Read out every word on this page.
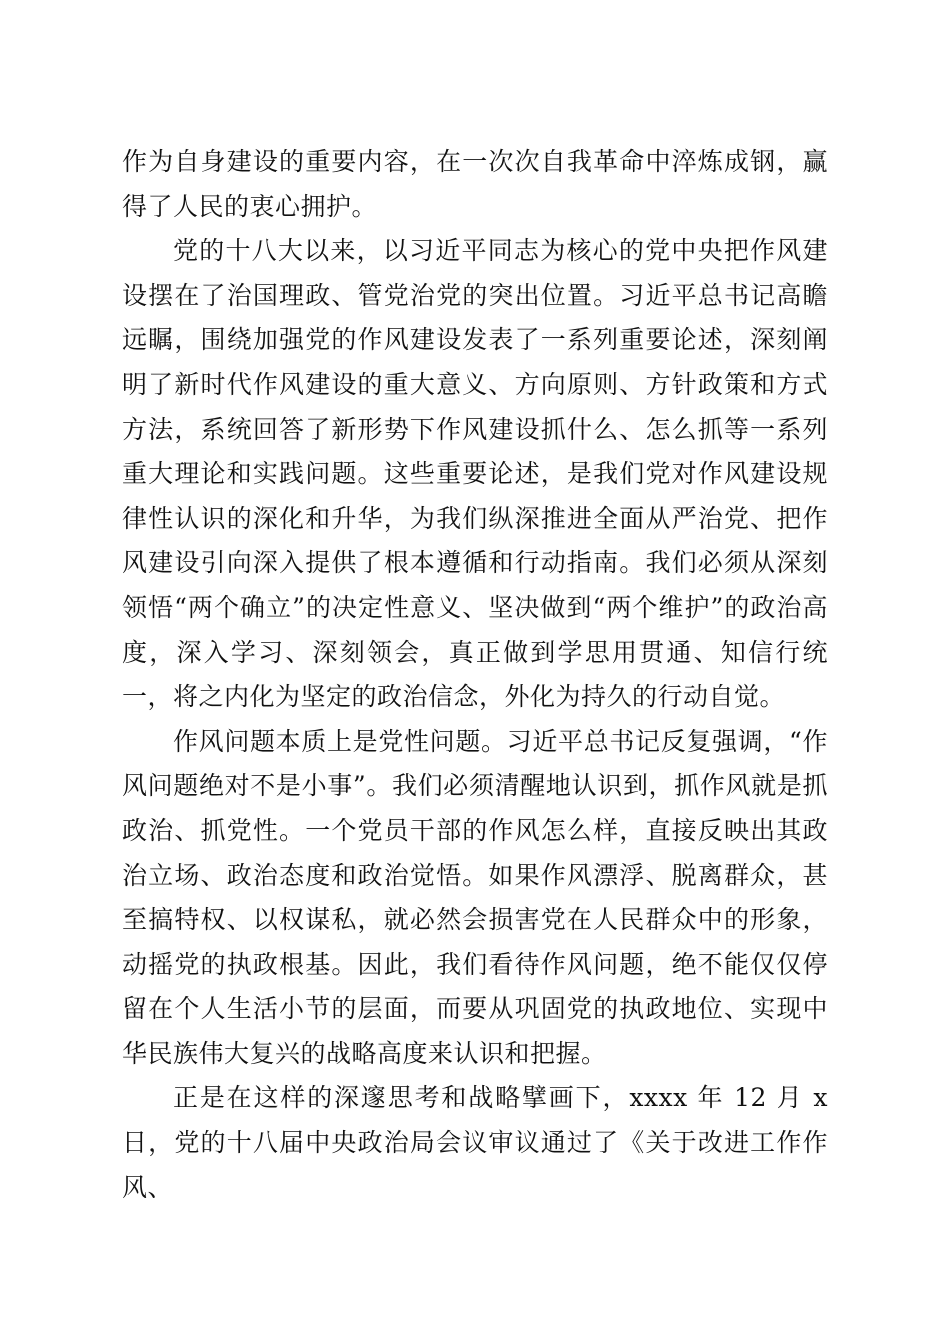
作为自身建设的重要内容，在一次次自我革命中淬炼成钢，赢得了人民的衷心拥护。

党的十八大以来，以习近平同志为核心的党中央把作风建设摆在了治国理政、管党治党的突出位置。习近平总书记高瞻远瞩，围绕加强党的作风建设发表了一系列重要论述，深刻阐明了新时代作风建设的重大意义、方向原则、方针政策和方式方法，系统回答了新形势下作风建设抓什么、怎么抓等一系列重大理论和实践问题。这些重要论述，是我们党对作风建设规律性认识的深化和升华，为我们纵深推进全面从严治党、把作风建设引向深入提供了根本遵循和行动指南。我们必须从深刻领悟“两个确立”的决定性意义、坚决做到“两个维护”的政治高度，深入学习、深刻领会，真正做到学思用贯通、知信行统一，将之内化为坚定的政治信念，外化为持久的行动自觉。

作风问题本质上是党性问题。习近平总书记反复强调，“作风问题绝对不是小事”。我们必须清醒地认识到，抓作风就是抓政治、抓党性。一个党员干部的作风怎么样，直接反映出其政治立场、政治态度和政治觉悟。如果作风漂浮、脱离群众，甚至搞特权、以权谋私，就必然会损害党在人民群众中的形象，动摇党的执政根基。因此，我们看待作风问题，绝不能仅仅停留在个人生活小节的层面，而要从巩固党的执政地位、实现中华民族伟大复兴的战略高度来认识和把握。

正是在这样的深邃思考和战略擘画下，xxxx 年 12 月 x 日，党的十八届中央政治局会议审议通过了《关于改进工作作风、
